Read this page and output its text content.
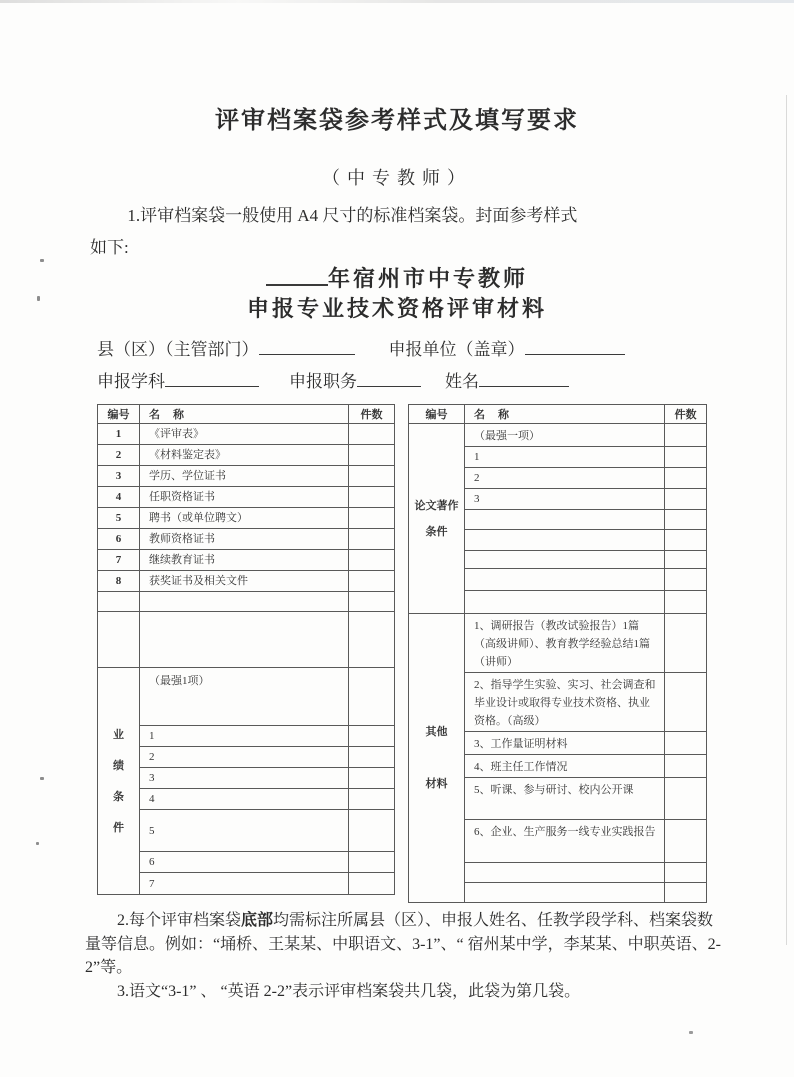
评审档案袋参考样式及填写要求
（中专教师）

1.评审档案袋一般使用 A4 尺寸的标准档案袋。封面参考样式

如下:

年宿州市中专教师
申报专业技术资格评审材料
县（区）（主管部门）	申报单位（盖章）
申报学科	申报职务	姓名
编号	名　称	件数
1	《评审表》	
2	《材料鉴定表》	
3	学历、学位证书	
4	任职资格证书	
5	聘书（或单位聘文）	
6	教师资格证书	
7	继续教育证书	
8	获奖证书及相关文件	

业
绩
条
件	（最强1项）	
	1	
	2	
	3	
	4	
	5	
	6	
	7	
编号	名　称	件数

论文著作
条件	（最强一项）	
	1	
	2	
	3	

其他
材料	1、调研报告（教改试验报告）1篇（高级讲师）、教育教学经验总结1篇（讲师）	
	2、指导学生实验、实习、社会调查和毕业设计或取得专业技术资格、执业资格。（高级）	
	3、工作量证明材料	
	4、班主任工作情况	
	5、听课、参与研讨、校内公开课	
	6、企业、生产服务一线专业实践报告	

2.每个评审档案袋底部均需标注所属县（区）、申报人姓名、任教学段学科、档案袋数量等信息。例如：“埇桥、王某某、中职语文、3-1”、“ 宿州某中学，李某某、中职英语、2-2”等。

3.语文“3-1” 、 “英语 2-2”表示评审档案袋共几袋，此袋为第几袋。
